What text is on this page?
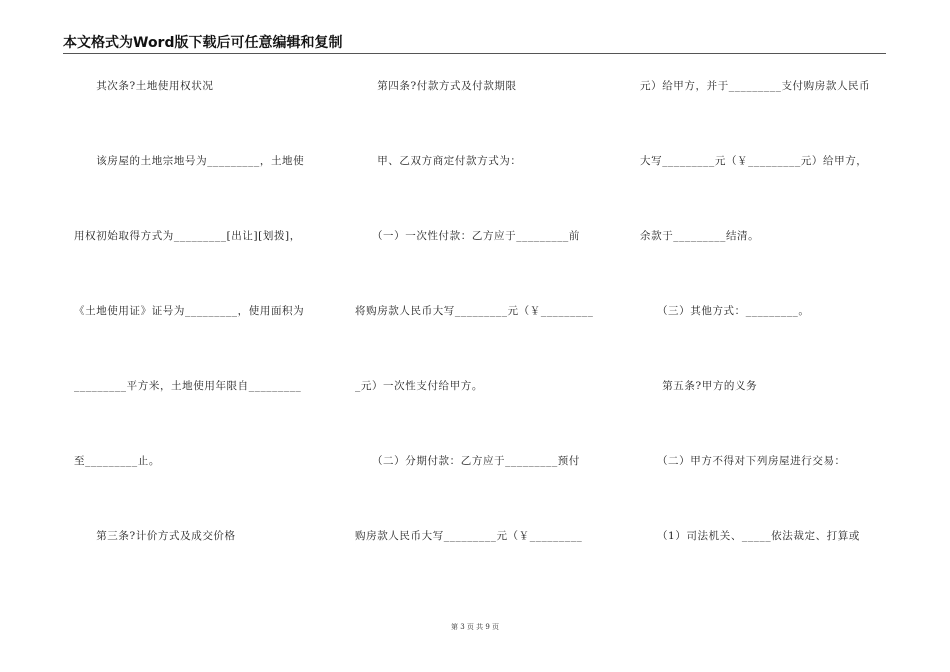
本文格式为Word版下载后可任意编辑和复制
　　其次条?土地使用权状况
　　该房屋的土地宗地号为_________，土地使
用权初始取得方式为_________[出让][划拨]，
《土地使用证》证号为_________，使用面积为
_________平方米，土地使用年限自_________
至_________止。
　　第三条?计价方式及成交价格
　　第四条?付款方式及付款期限
　　甲、乙双方商定付款方式为：
　　（一）一次性付款：乙方应于_________前
将购房款人民币大写_________元（￥_________
_元）一次性支付给甲方。
　　（二）分期付款：乙方应于_________预付
购房款人民币大写_________元（￥_________
元）给甲方，并于_________支付购房款人民币
大写_________元（￥_________元）给甲方，
余款于_________结清。
　　（三）其他方式：_________。
　　第五条?甲方的义务
　　（二）甲方不得对下列房屋进行交易：
　　（1）司法机关、_____依法裁定、打算或
第 3 页 共 9 页
